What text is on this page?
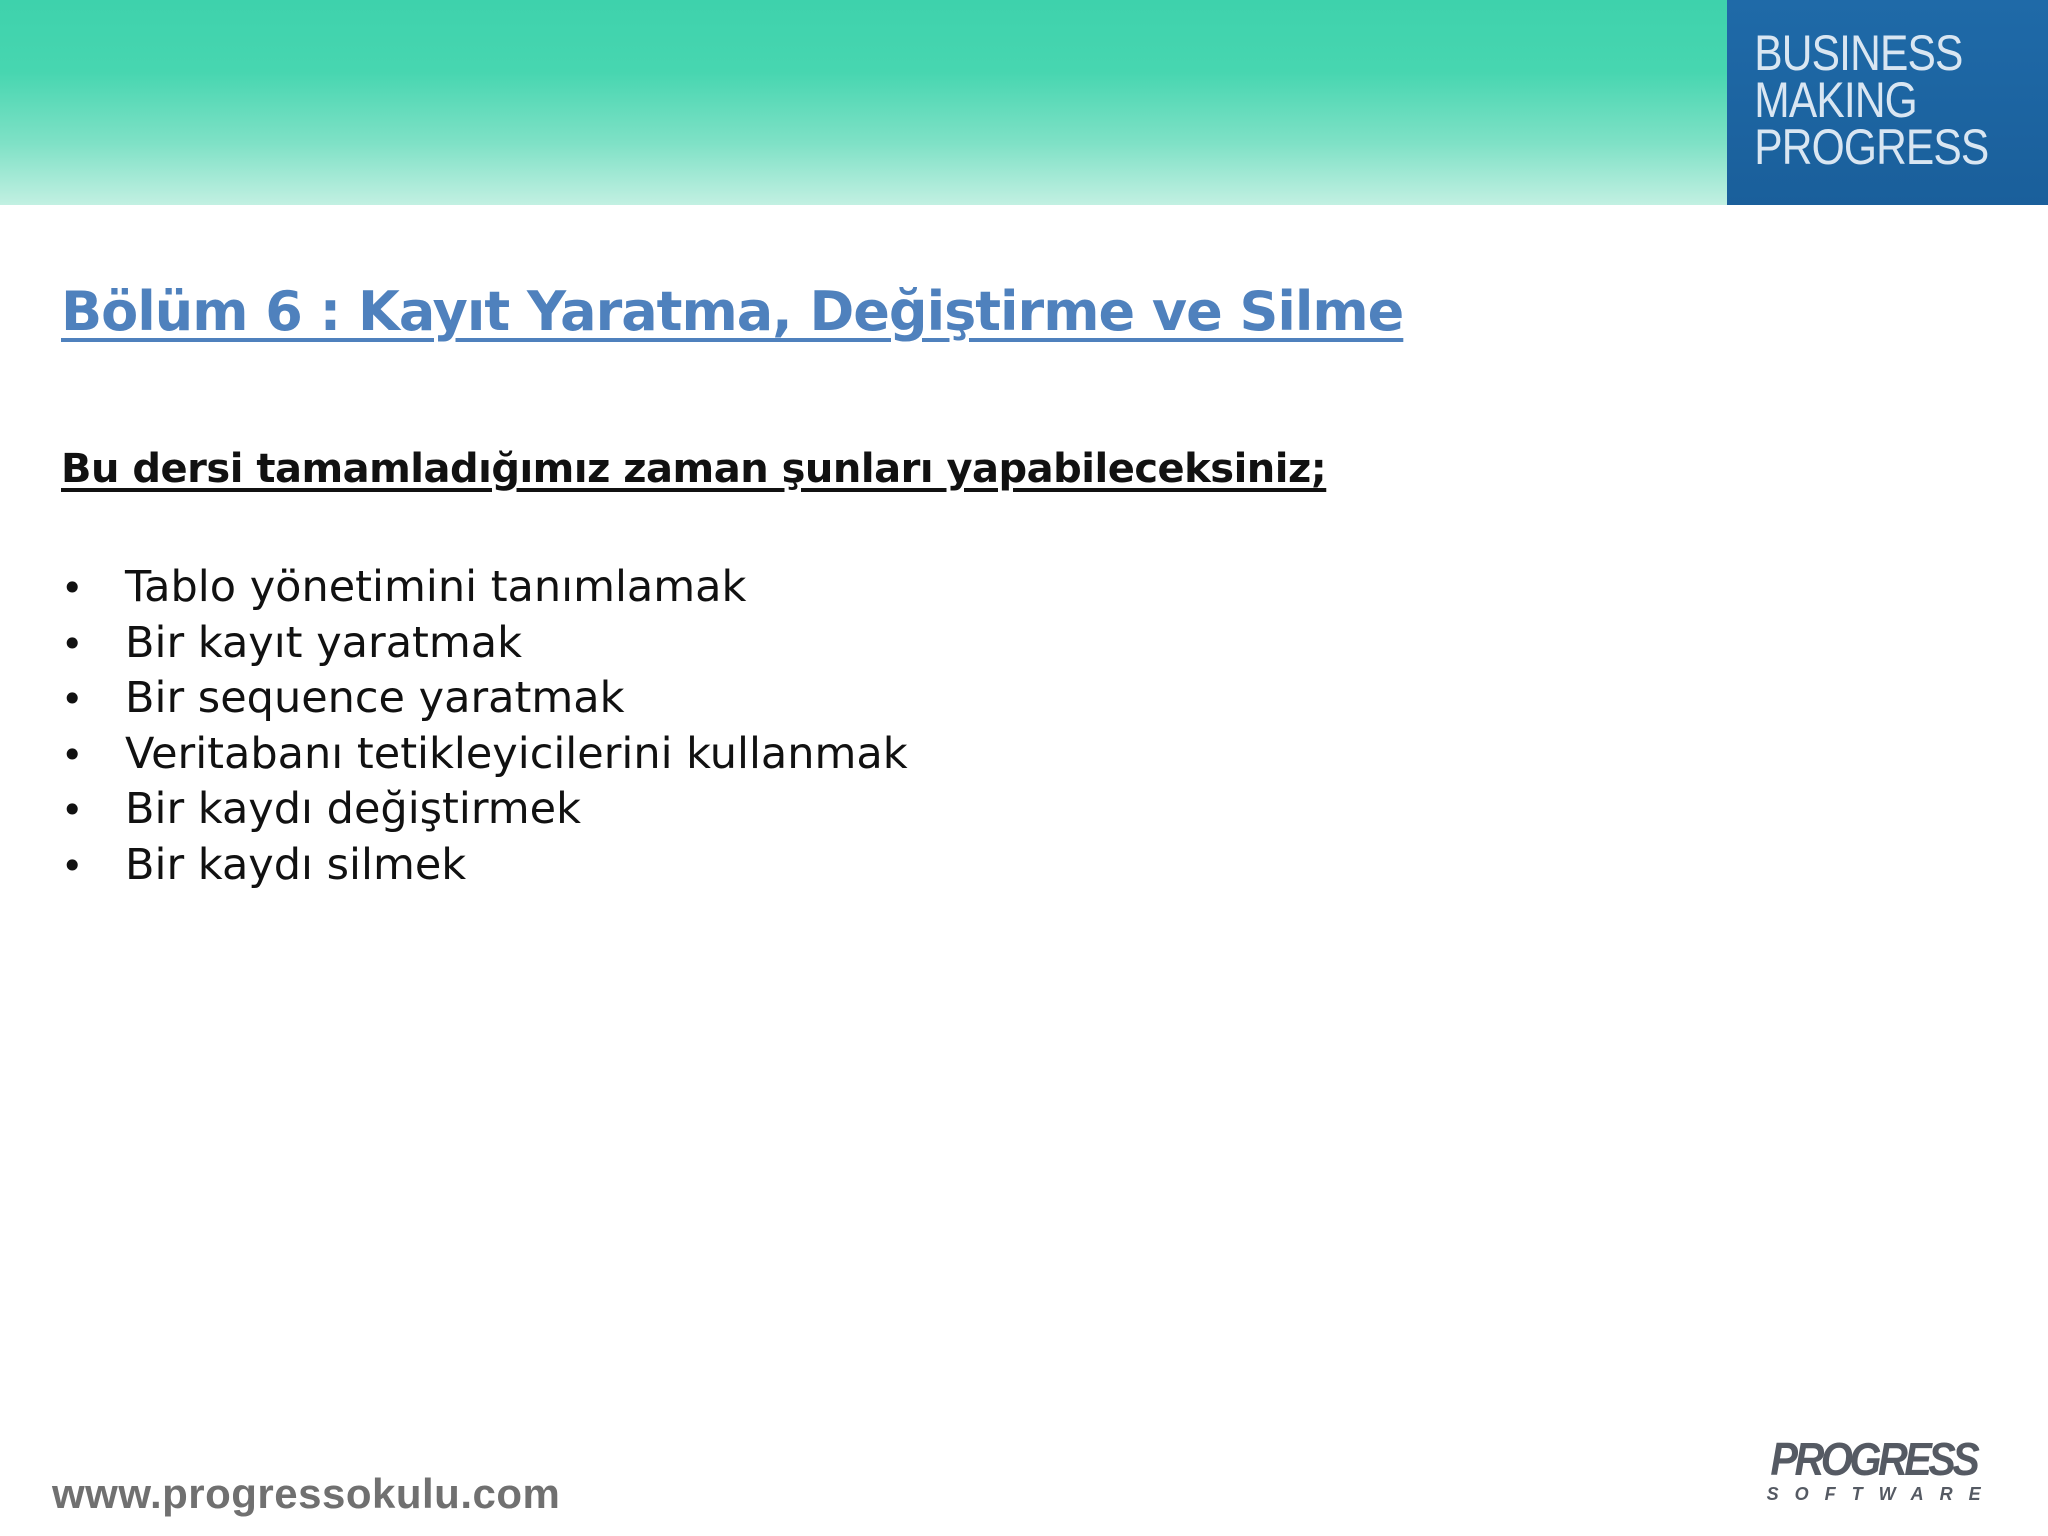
BUSINESS
MAKING
PROGRESS
Bölüm 6 : Kayıt Yaratma, Değiştirme ve Silme

Bu dersi tamamladığımız zaman şunları yapabileceksiniz;

• Tablo yönetimini tanımlamak
• Bir kayıt yaratmak
• Bir sequence yaratmak
• Veritabanı tetikleyicilerini kullanmak
• Bir kaydı değiştirmek
• Bir kaydı silmek
www.progressokulu.com
PROGRESS
SOFTWARE
